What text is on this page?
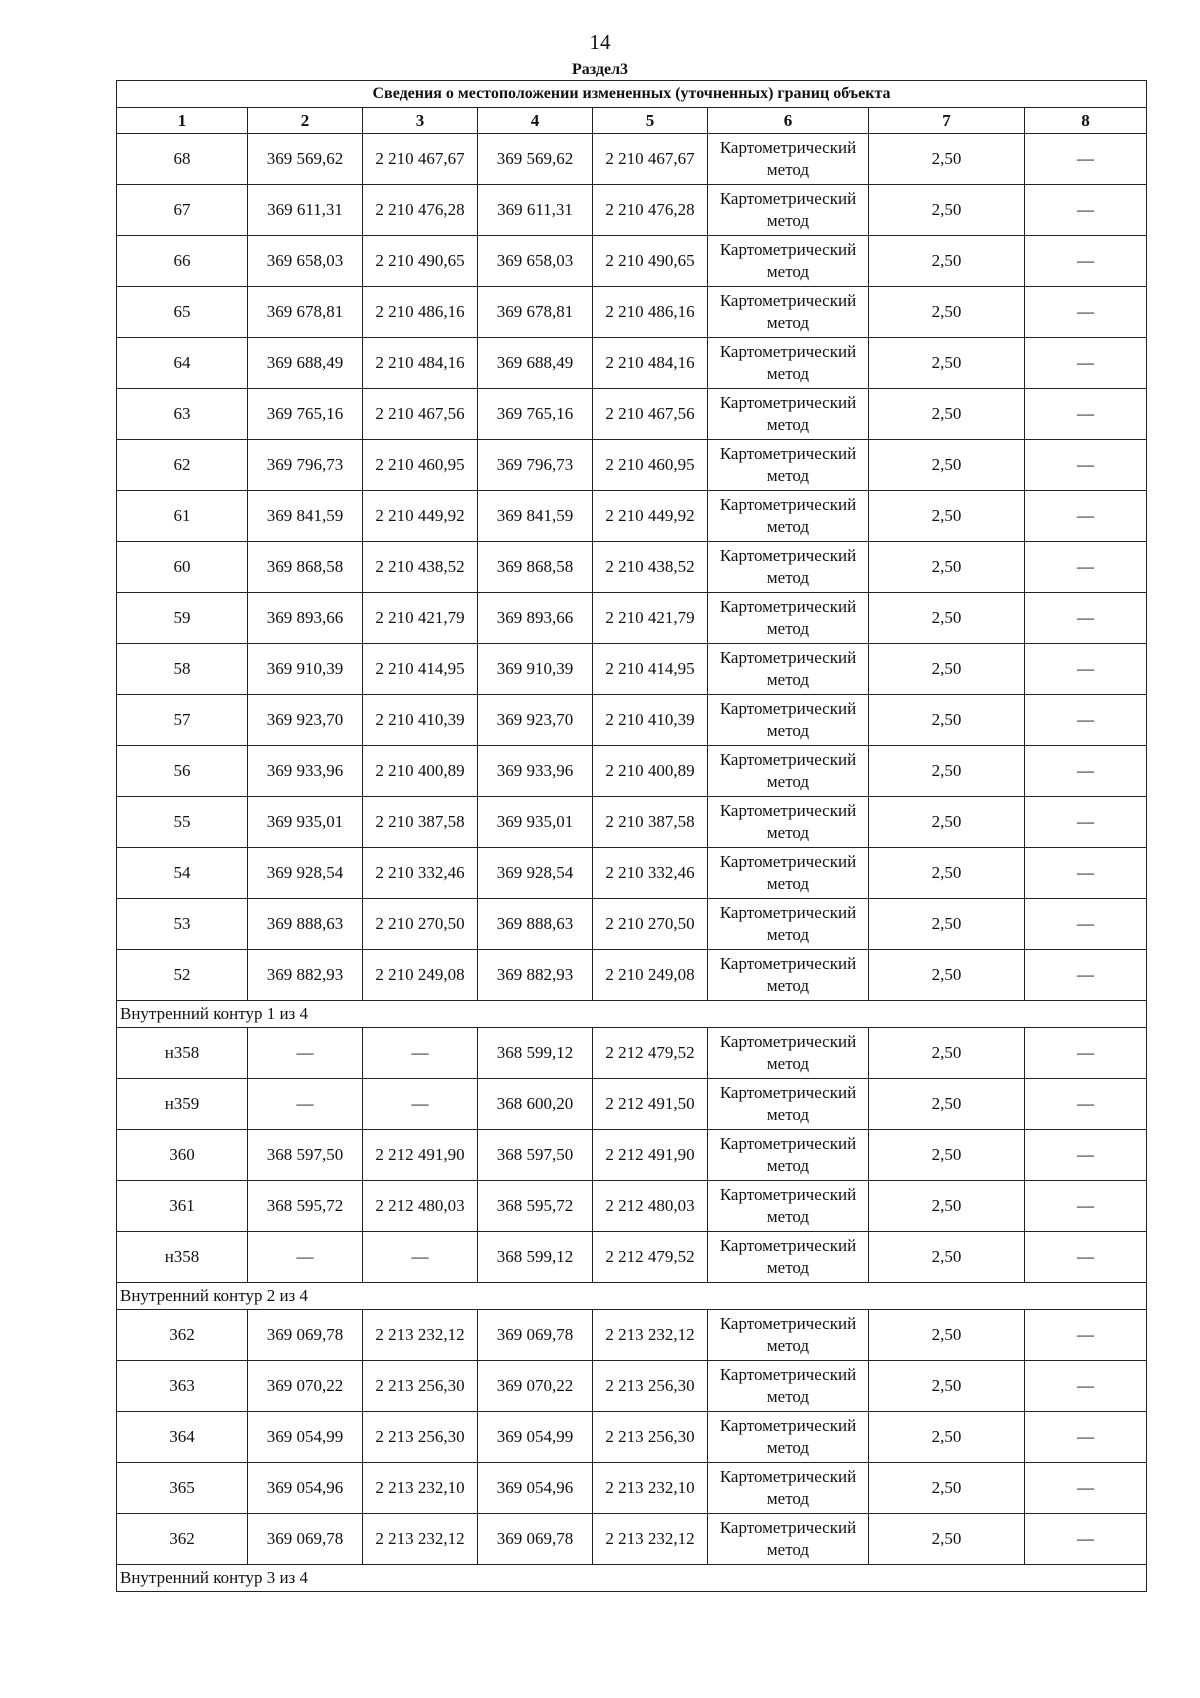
14
Раздел3
Сведения о местоположении измененных (уточненных) границ объекта							
1	2	3	4	5	6	7	8
68	369 569,62	2 210 467,67	369 569,62	2 210 467,67	Картометрический метод	2,50	—
67	369 611,31	2 210 476,28	369 611,31	2 210 476,28	Картометрический метод	2,50	—
66	369 658,03	2 210 490,65	369 658,03	2 210 490,65	Картометрический метод	2,50	—
65	369 678,81	2 210 486,16	369 678,81	2 210 486,16	Картометрический метод	2,50	—
64	369 688,49	2 210 484,16	369 688,49	2 210 484,16	Картометрический метод	2,50	—
63	369 765,16	2 210 467,56	369 765,16	2 210 467,56	Картометрический метод	2,50	—
62	369 796,73	2 210 460,95	369 796,73	2 210 460,95	Картометрический метод	2,50	—
61	369 841,59	2 210 449,92	369 841,59	2 210 449,92	Картометрический метод	2,50	—
60	369 868,58	2 210 438,52	369 868,58	2 210 438,52	Картометрический метод	2,50	—
59	369 893,66	2 210 421,79	369 893,66	2 210 421,79	Картометрический метод	2,50	—
58	369 910,39	2 210 414,95	369 910,39	2 210 414,95	Картометрический метод	2,50	—
57	369 923,70	2 210 410,39	369 923,70	2 210 410,39	Картометрический метод	2,50	—
56	369 933,96	2 210 400,89	369 933,96	2 210 400,89	Картометрический метод	2,50	—
55	369 935,01	2 210 387,58	369 935,01	2 210 387,58	Картометрический метод	2,50	—
54	369 928,54	2 210 332,46	369 928,54	2 210 332,46	Картометрический метод	2,50	—
53	369 888,63	2 210 270,50	369 888,63	2 210 270,50	Картометрический метод	2,50	—
52	369 882,93	2 210 249,08	369 882,93	2 210 249,08	Картометрический метод	2,50	—
Внутренний контур 1 из 4							
н358	—	—	368 599,12	2 212 479,52	Картометрический метод	2,50	—
н359	—	—	368 600,20	2 212 491,50	Картометрический метод	2,50	—
360	368 597,50	2 212 491,90	368 597,50	2 212 491,90	Картометрический метод	2,50	—
361	368 595,72	2 212 480,03	368 595,72	2 212 480,03	Картометрический метод	2,50	—
н358	—	—	368 599,12	2 212 479,52	Картометрический метод	2,50	—
Внутренний контур 2 из 4							
362	369 069,78	2 213 232,12	369 069,78	2 213 232,12	Картометрический метод	2,50	—
363	369 070,22	2 213 256,30	369 070,22	2 213 256,30	Картометрический метод	2,50	—
364	369 054,99	2 213 256,30	369 054,99	2 213 256,30	Картометрический метод	2,50	—
365	369 054,96	2 213 232,10	369 054,96	2 213 232,10	Картометрический метод	2,50	—
362	369 069,78	2 213 232,12	369 069,78	2 213 232,12	Картометрический метод	2,50	—
Внутренний контур 3 из 4							
